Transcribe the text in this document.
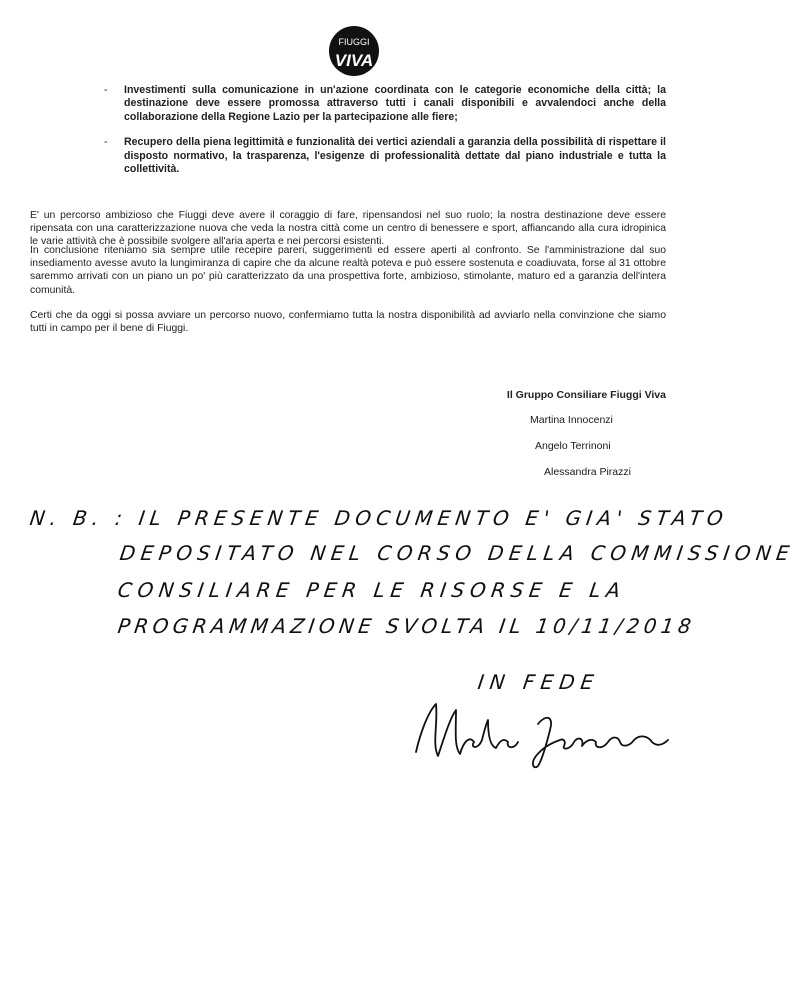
FIUGGI
VIVA
- Investimenti sulla comunicazione in un'azione coordinata con le categorie economiche della città; la destinazione deve essere promossa attraverso tutti i canali disponibili e avvalendoci anche della collaborazione della Regione Lazio per la partecipazione alle fiere;
- Recupero della piena legittimità e funzionalità dei vertici aziendali a garanzia della possibilità di rispettare il disposto normativo, la trasparenza, l'esigenze di professionalità dettate dal piano industriale e tutta la collettività.
E' un percorso ambizioso che Fiuggi deve avere il coraggio di fare, ripensandosi nel suo ruolo; la nostra destinazione deve essere ripensata con una caratterizzazione nuova che veda la nostra città come un centro di benessere e sport, affiancando alla cura idropinica le varie attività che è possibile svolgere all'aria aperta e nei percorsi esistenti.
In conclusione riteniamo sia sempre utile recepire pareri, suggerimenti ed essere aperti al confronto. Se l'amministrazione dal suo insediamento avesse avuto la lungimiranza di capire che da alcune realtà poteva e può essere sostenuta e coadiuvata, forse al 31 ottobre saremmo arrivati con un piano un po' più caratterizzato da una prospettiva forte, ambizioso, stimolante, maturo ed a garanzia dell'intera comunità.
Certi che da oggi si possa avviare un percorso nuovo, confermiamo tutta la nostra disponibilità ad avviarlo nella convinzione che siamo tutti in campo per il bene di Fiuggi.
Il Gruppo Consiliare Fiuggi Viva
Martina Innocenzi
Angelo Terrinoni
Alessandra Pirazzi
N. B. : IL PRESENTE DOCUMENTO E' GIA' STATO
DEPOSITATO NEL CORSO DELLA COMMISSIONE
CONSILIARE PER LE RISORSE E LA
PROGRAMMAZIONE SVOLTA IL 10/11/2018
IN FEDE
